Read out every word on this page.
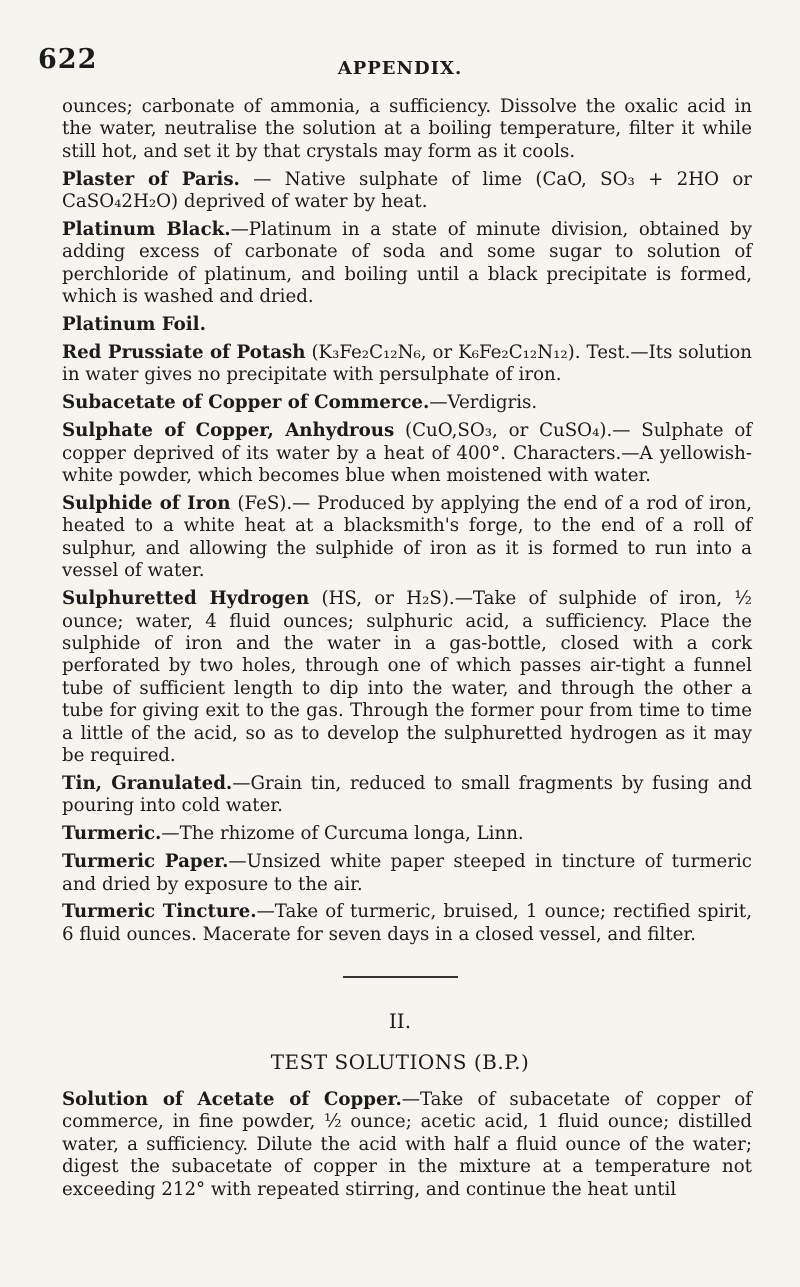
622	APPENDIX.

ounces; carbonate of ammonia, a sufficiency. Dissolve the oxalic acid in the water, neutralise the solution at a boiling temperature, filter it while still hot, and set it by that crystals may form as it cools.

Plaster of Paris. — Native sulphate of lime (CaO, SO₃ + 2HO or CaSO₄2H₂O) deprived of water by heat.

Platinum Black.—Platinum in a state of minute division, obtained by adding excess of carbonate of soda and some sugar to solution of perchloride of platinum, and boiling until a black precipitate is formed, which is washed and dried.

Platinum Foil.

Red Prussiate of Potash (K₃Fe₂C₁₂N₆, or K₆Fe₂C₁₂N₁₂). Test.—Its solution in water gives no precipitate with persulphate of iron.

Subacetate of Copper of Commerce.—Verdigris.

Sulphate of Copper, Anhydrous (CuO,SO₃, or CuSO₄).— Sulphate of copper deprived of its water by a heat of 400°. Characters.—A yellowish-white powder, which becomes blue when moistened with water.

Sulphide of Iron (FeS).— Produced by applying the end of a rod of iron, heated to a white heat at a blacksmith's forge, to the end of a roll of sulphur, and allowing the sulphide of iron as it is formed to run into a vessel of water.

Sulphuretted Hydrogen (HS, or H₂S).—Take of sulphide of iron, ½ ounce; water, 4 fluid ounces; sulphuric acid, a sufficiency. Place the sulphide of iron and the water in a gas-bottle, closed with a cork perforated by two holes, through one of which passes air-tight a funnel tube of sufficient length to dip into the water, and through the other a tube for giving exit to the gas. Through the former pour from time to time a little of the acid, so as to develop the sulphuretted hydrogen as it may be required.

Tin, Granulated.—Grain tin, reduced to small fragments by fusing and pouring into cold water.

Turmeric.—The rhizome of Curcuma longa, Linn.

Turmeric Paper.—Unsized white paper steeped in tincture of turmeric and dried by exposure to the air.

Turmeric Tincture.—Take of turmeric, bruised, 1 ounce; rectified spirit, 6 fluid ounces. Macerate for seven days in a closed vessel, and filter.

II.
TEST SOLUTIONS (B.P.)

Solution of Acetate of Copper.—Take of subacetate of copper of commerce, in fine powder, ½ ounce; acetic acid, 1 fluid ounce; distilled water, a sufficiency. Dilute the acid with half a fluid ounce of the water; digest the subacetate of copper in the mixture at a temperature not exceeding 212° with repeated stirring, and continue the heat until
